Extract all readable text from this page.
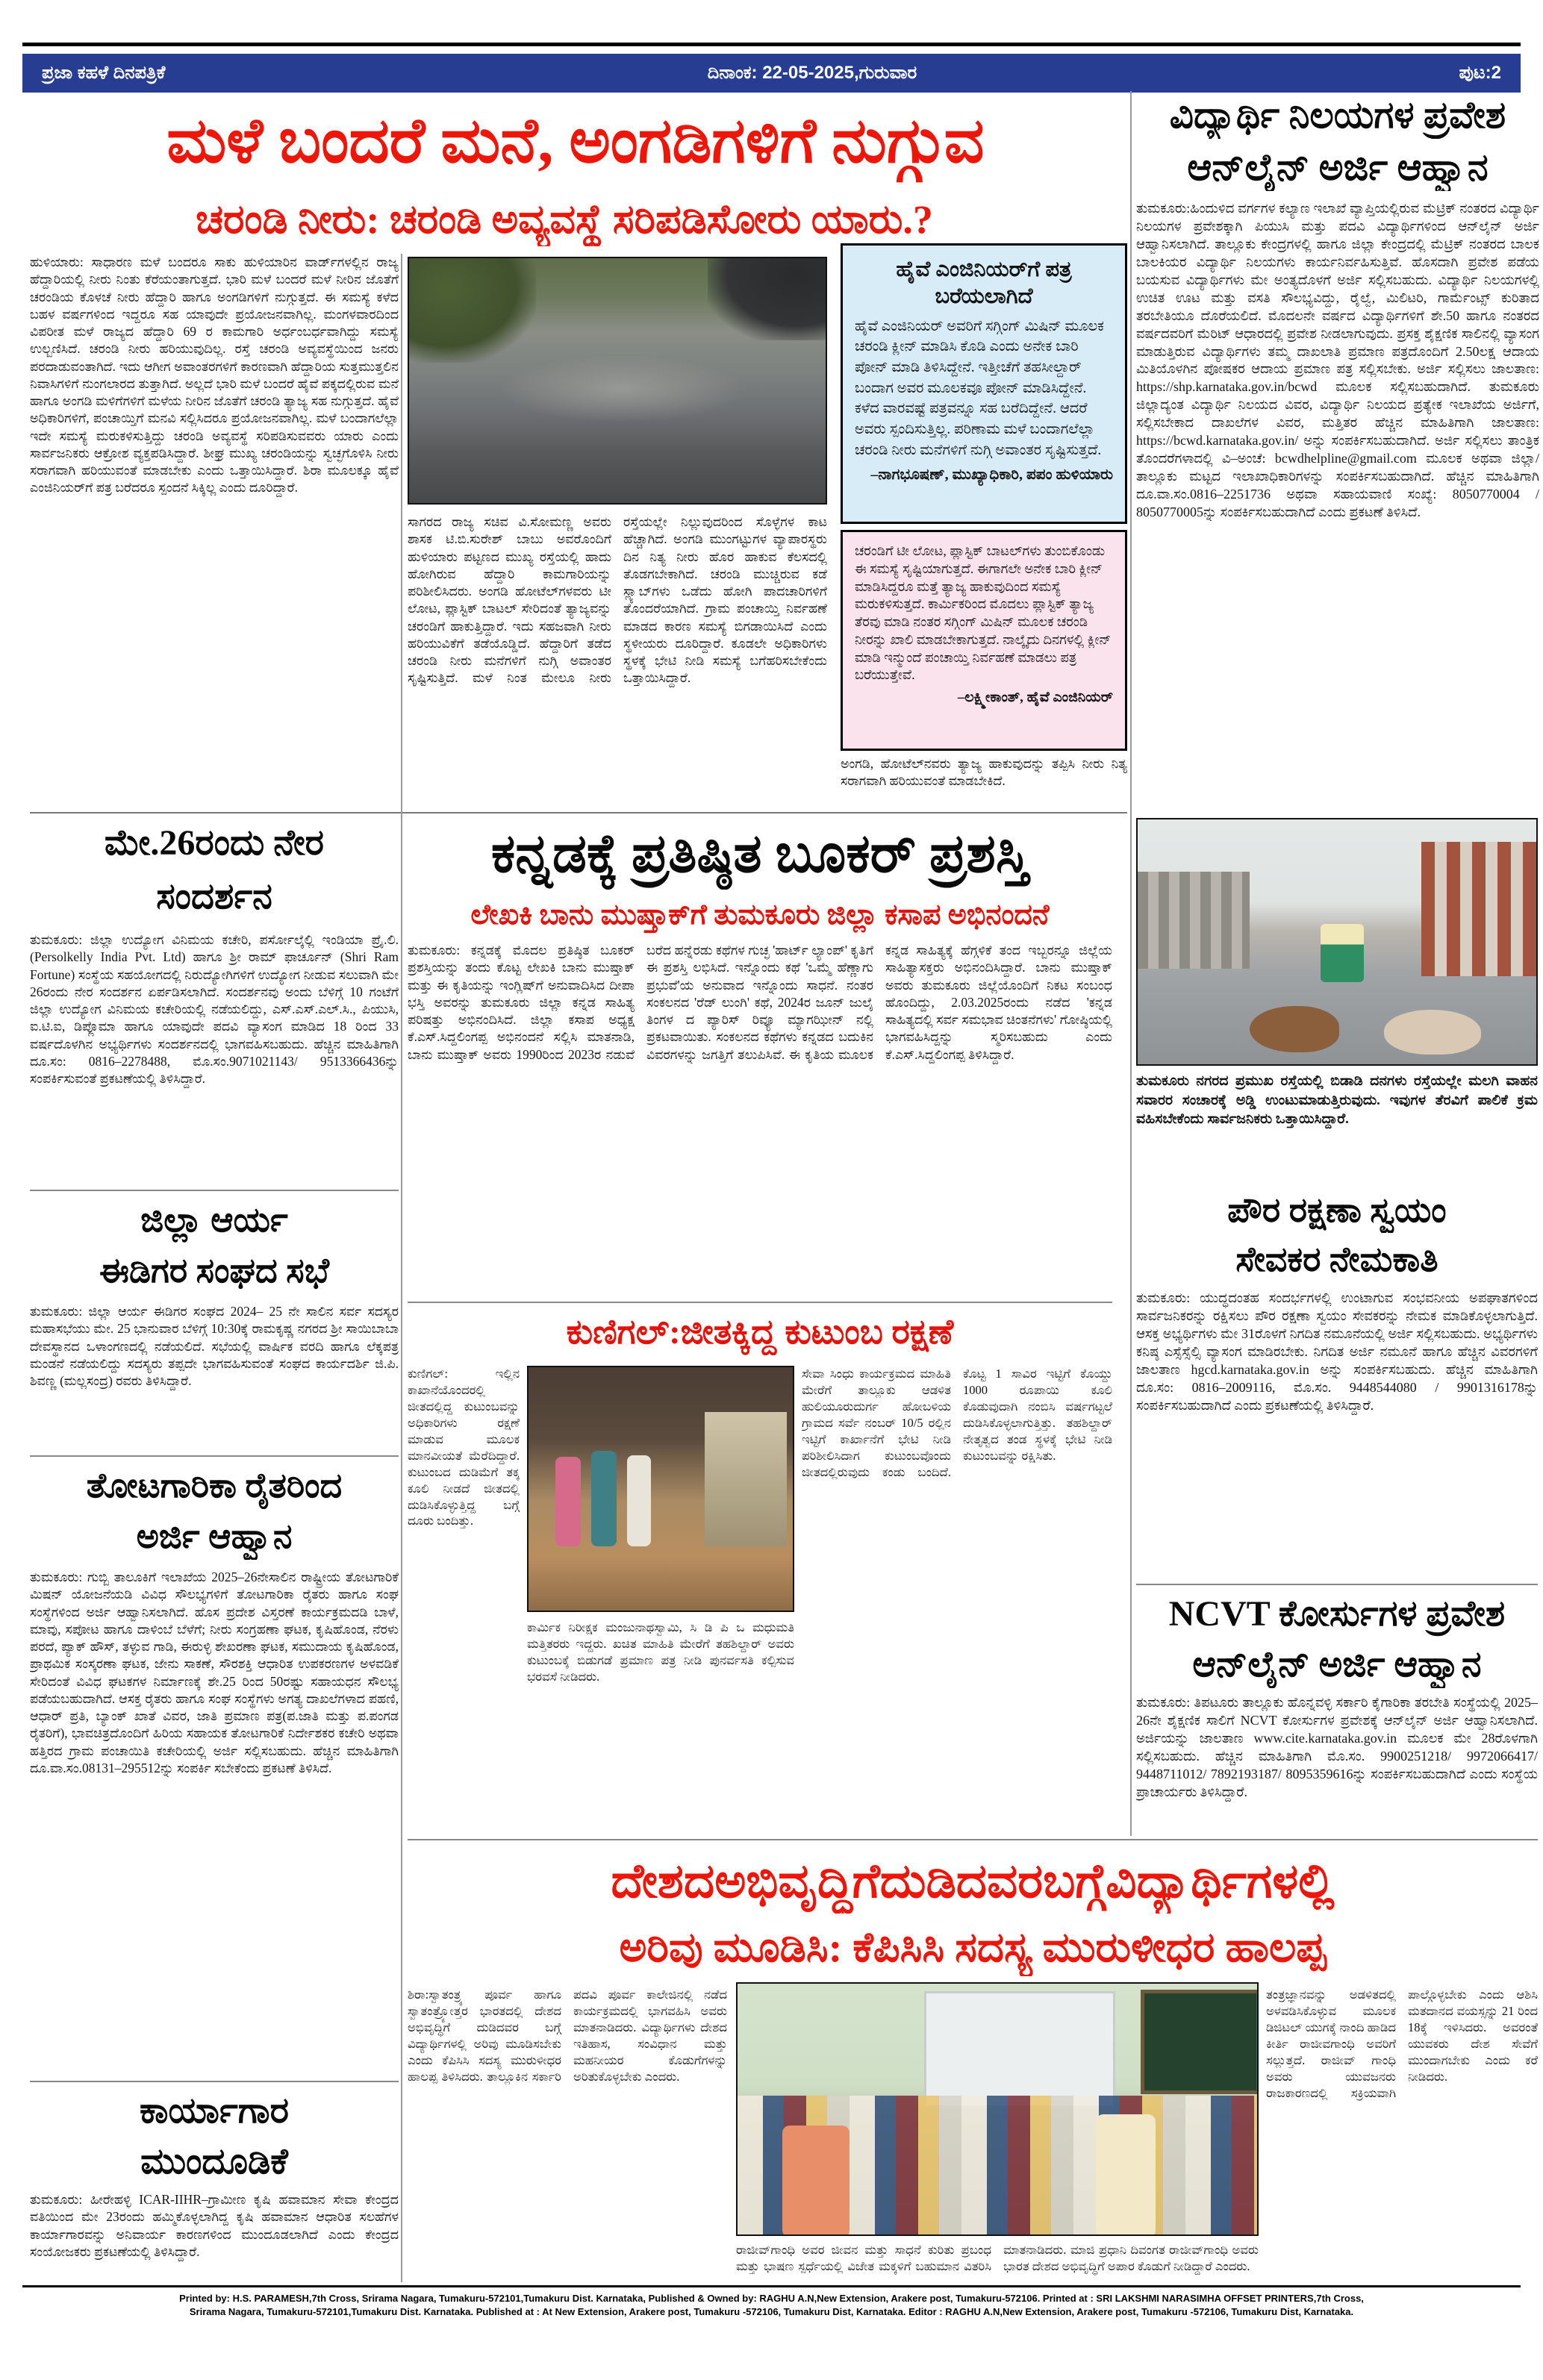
ಪ್ರಜಾ ಕಹಳೆ ದಿನಪತ್ರಿಕೆ	ದಿನಾಂಕ: 22-05-2025,ಗುರುವಾರ	ಪುಟ:2
ಮಳೆ ಬಂದರೆ ಮನೆ, ಅಂಗಡಿಗಳಿಗೆ ನುಗ್ಗುವ
ಚರಂಡಿ ನೀರು: ಚರಂಡಿ ಅವ್ಯವಸ್ಥೆ ಸರಿಪಡಿಸೋರು ಯಾರು.?
ಹುಳಿಯಾರು: ಸಾಧಾರಣ ಮಳೆ ಬಂದರೂ ಸಾಕು ಹುಳಿಯಾರಿನ ವಾರ್ಡ್‌ಗಳಲ್ಲಿನ ರಾಜ್ಯ ಹೆದ್ದಾರಿಯಲ್ಲಿ ನೀರು ನಿಂತು ಕೆರೆಯಂತಾಗುತ್ತದೆ. ಭಾರಿ ಮಳೆ ಬಂದರೆ ಮಳೆ ನೀರಿನ ಜೊತೆಗೆ ಚರಂಡಿಯ ಕೊಳಚೆ ನೀರು ಹೆದ್ದಾರಿ ಹಾಗೂ ಅಂಗಡಿಗಳಿಗೆ ನುಗ್ಗುತ್ತದೆ. ಈ ಸಮಸ್ಯೆ ಕಳೆದ ಬಹಳ ವರ್ಷಗಳಿಂದ ಇದ್ದರೂ ಸಹ ಯಾವುದೇ ಪ್ರಯೋಜನವಾಗಿಲ್ಲ. ಮಂಗಳವಾರದಿಂದ ವಿಪರೀತ ಮಳೆ ರಾಜ್ಯದ ಹೆದ್ದಾರಿ 69 ರ ಕಾಮಗಾರಿ ಅರ್ಧಂಬರ್ಧವಾಗಿದ್ದು ಸಮಸ್ಯೆ ಉಲ್ಬಣಿಸಿದೆ. ಚರಂಡಿ ನೀರು ಹರಿಯುವುದಿಲ್ಲ. ರಸ್ತೆ ಚರಂಡಿ ಅವ್ಯವಸ್ಥೆಯಿಂದ ಜನರು ಪರದಾಡುವಂತಾಗಿದೆ. ಇದು ಆಗೀಗ ಅವಾಂತರಗಳಿಗೆ ಕಾರಣವಾಗಿ ಹೆದ್ದಾರಿಯ ಸುತ್ತಮುತ್ತಲಿನ ನಿವಾಸಿಗಳಿಗೆ ನುಂಗಲಾರದ ತುತ್ತಾಗಿದೆ. ಅಲ್ಲದೆ ಭಾರಿ ಮಳೆ ಬಂದರೆ ಹೈವೆ ಪಕ್ಕದಲ್ಲಿರುವ ಮನೆ ಹಾಗೂ ಅಂಗಡಿ ಮಳಿಗೆಗಳಿಗೆ ಮಳೆಯ ನೀರಿನ ಜೊತೆಗೆ ಚರಂಡಿ ತ್ಯಾಜ್ಯ ಸಹ ನುಗ್ಗುತ್ತದೆ. ಹೈವೆ ಅಧಿಕಾರಿಗಳಿಗೆ, ಪಂಚಾಯ್ತಿಗೆ ಮನವಿ ಸಲ್ಲಿಸಿದರೂ ಪ್ರಯೋಜನವಾಗಿಲ್ಲ. ಮಳೆ ಬಂದಾಗಲೆಲ್ಲಾ ಇದೇ ಸಮಸ್ಯೆ ಮರುಕಳಿಸುತ್ತಿದ್ದು ಚರಂಡಿ ಅವ್ಯವಸ್ಥೆ ಸರಿಪಡಿಸುವವರು ಯಾರು ಎಂದು ಸಾರ್ವಜನಿಕರು ಆಕ್ರೋಶ ವ್ಯಕ್ತಪಡಿಸಿದ್ದಾರೆ. ಶೀಘ್ರ ಮುಖ್ಯ ಚರಂಡಿಯನ್ನು ಸ್ವಚ್ಛಗೊಳಿಸಿ ನೀರು ಸರಾಗವಾಗಿ ಹರಿಯುವಂತೆ ಮಾಡಬೇಕು ಎಂದು ಒತ್ತಾಯಿಸಿದ್ದಾರೆ. ಶಿರಾ ಮೂಲಕ್ಕೂ ಹೈವೆ ಎಂಜಿನಿಯರ್‌ಗೆ ಪತ್ರ ಬರೆದರೂ ಸ್ಪಂದನೆ ಸಿಕ್ಕಿಲ್ಲ ಎಂದು ದೂರಿದ್ದಾರೆ.
ಸಾಗರದ ರಾಜ್ಯ ಸಚಿವ ವಿ.ಸೋಮಣ್ಣ ಅವರು ಶಾಸಕ ಟಿ.ಬಿ.ಸುರೇಶ್ ಬಾಬು ಅವರೊಂದಿಗೆ ಹುಳಿಯಾರು ಪಟ್ಟಣದ ಮುಖ್ಯ ರಸ್ತೆಯಲ್ಲಿ ಹಾದು ಹೋಗಿರುವ ಹೆದ್ದಾರಿ ಕಾಮಗಾರಿಯನ್ನು ಪರಿಶೀಲಿಸಿದರು. ಅಂಗಡಿ ಹೋಟೆಲ್‌ಗಳವರು ಟೀ ಲೋಟ, ಪ್ಲಾಸ್ಟಿಕ್ ಬಾಟಲ್ ಸೇರಿದಂತೆ ತ್ಯಾಜ್ಯವನ್ನು ಚರಂಡಿಗೆ ಹಾಕುತ್ತಿದ್ದಾರೆ. ಇದು ಸಹಜವಾಗಿ ನೀರು ಹರಿಯುವಿಕೆಗೆ ತಡೆಯೊಡ್ಡಿದೆ. ಹೆದ್ದಾರಿಗೆ ತಡೆದ ಚರಂಡಿ ನೀರು ಮನೆಗಳಿಗೆ ನುಗ್ಗಿ ಅವಾಂತರ ಸೃಷ್ಟಿಸುತ್ತಿದೆ. ಮಳೆ ನಿಂತ ಮೇಲೂ ನೀರು ರಸ್ತೆಯಲ್ಲೇ ನಿಲ್ಲುವುದರಿಂದ ಸೊಳ್ಳೆಗಳ ಕಾಟ ಹೆಚ್ಚಾಗಿದೆ. ಅಂಗಡಿ ಮುಂಗಟ್ಟುಗಳ ವ್ಯಾಪಾರಸ್ಥರು ದಿನ ನಿತ್ಯ ನೀರು ಹೊರ ಹಾಕುವ ಕೆಲಸದಲ್ಲಿ ತೊಡಗಬೇಕಾಗಿದೆ. ಚರಂಡಿ ಮುಚ್ಚಿರುವ ಕಡೆ ಸ್ಲ್ಯಾಬ್‌ಗಳು ಒಡೆದು ಹೋಗಿ ಪಾದಚಾರಿಗಳಿಗೆ ತೊಂದರೆಯಾಗಿದೆ. ಗ್ರಾಮ ಪಂಚಾಯ್ತಿ ನಿರ್ವಹಣೆ ಮಾಡದ ಕಾರಣ ಸಮಸ್ಯೆ ಬಿಗಡಾಯಿಸಿದೆ ಎಂದು ಸ್ಥಳೀಯರು ದೂರಿದ್ದಾರೆ. ಕೂಡಲೇ ಅಧಿಕಾರಿಗಳು ಸ್ಥಳಕ್ಕೆ ಭೇಟಿ ನೀಡಿ ಸಮಸ್ಯೆ ಬಗೆಹರಿಸಬೇಕೆಂದು ಒತ್ತಾಯಿಸಿದ್ದಾರೆ.
ಹೈವೆ ಎಂಜಿನಿಯರ್‌ಗೆ ಪತ್ರ ಬರೆಯಲಾಗಿದೆ
ಹೈವೆ ಎಂಜಿನಿಯರ್ ಅವರಿಗೆ ಸಗ್ಗಿಂಗ್ ಮಿಷಿನ್ ಮೂಲಕ ಚರಂಡಿ ಕ್ಲೀನ್ ಮಾಡಿಸಿ ಕೊಡಿ ಎಂದು ಅನೇಕ ಬಾರಿ ಪೋನ್ ಮಾಡಿ ತಿಳಿಸಿದ್ದೇನೆ. ಇತ್ತೀಚೆಗೆ ತಹಸೀಲ್ದಾರ್ ಬಂದಾಗ ಅವರ ಮೂಲಕವೂ ಪೋನ್ ಮಾಡಿಸಿದ್ದೇನೆ. ಕಳೆದ ವಾರವಷ್ಟೆ ಪತ್ರವನ್ನೂ ಸಹ ಬರೆದಿದ್ದೇನೆ. ಆದರೆ ಅವರು ಸ್ಪಂದಿಸುತ್ತಿಲ್ಲ. ಪರಿಣಾಮ ಮಳೆ ಬಂದಾಗಲೆಲ್ಲಾ ಚರಂಡಿ ನೀರು ಮನೆಗಳಿಗೆ ನುಗ್ಗಿ ಅವಾಂತರ ಸೃಷ್ಟಿಸುತ್ತದೆ.
–ನಾಗಭೂಷಣ್, ಮುಖ್ಯಾಧಿಕಾರಿ, ಪಪಂ ಹುಳಿಯಾರು
ಚರಂಡಿಗೆ ಟೀ ಲೋಟ, ಪ್ಲಾಸ್ಟಿಕ್ ಬಾಟಲ್‌ಗಳು ತುಂಬಿಕೊಂಡು ಈ ಸಮಸ್ಯೆ ಸೃಷ್ಟಿಯಾಗುತ್ತದೆ. ಈಗಾಗಲೇ ಅನೇಕ ಬಾರಿ ಕ್ಲೀನ್ ಮಾಡಿಸಿದ್ದರೂ ಮತ್ತೆ ತ್ಯಾಜ್ಯ ಹಾಕುವುದಿಂದ ಸಮಸ್ಯೆ ಮರುಕಳಿಸುತ್ತದೆ. ಕಾರ್ಮಿಕರಿಂದ ಮೊದಲು ಪ್ಲಾಸ್ಟಿಕ್ ತ್ಯಾಜ್ಯ ತೆರವು ಮಾಡಿ ನಂತರ ಸಗ್ಗಿಂಗ್ ಮಿಷಿನ್ ಮೂಲಕ ಚರಂಡಿ ನೀರನ್ನು ಖಾಲಿ ಮಾಡಬೇಕಾಗುತ್ತದೆ. ನಾಲ್ಕೈದು ದಿನಗಳಲ್ಲಿ ಕ್ಲೀನ್ ಮಾಡಿ ಇನ್ಮುಂದೆ ಪಂಚಾಯ್ತಿ ನಿರ್ವಹಣೆ ಮಾಡಲು ಪತ್ರ ಬರೆಯುತ್ತೇವೆ.
–ಲಕ್ಷ್ಮೀಕಾಂತ್, ಹೈವೆ ಎಂಜಿನಿಯರ್
ಅಂಗಡಿ, ಹೋಟೆಲ್‌ನವರು ತ್ಯಾಜ್ಯ ಹಾಕುವುದನ್ನು ತಪ್ಪಿಸಿ ನೀರು ನಿತ್ಯ ಸರಾಗವಾಗಿ ಹರಿಯುವಂತೆ ಮಾಡಬೇಕಿದೆ.
ವಿದ್ಯಾರ್ಥಿ ನಿಲಯಗಳ ಪ್ರವೇಶ
ಆನ್‌ಲೈನ್ ಅರ್ಜಿ ಆಹ್ವಾನ
ತುಮಕೂರು:ಹಿಂದುಳಿದ ವರ್ಗಗಳ ಕಲ್ಯಾಣ ಇಲಾಖೆ ವ್ಯಾಪ್ತಿಯಲ್ಲಿರುವ ಮೆಟ್ರಿಕ್ ನಂತರದ ವಿದ್ಯಾರ್ಥಿ ನಿಲಯಗಳ ಪ್ರವೇಶಕ್ಕಾಗಿ ಪಿಯುಸಿ ಮತ್ತು ಪದವಿ ವಿದ್ಯಾರ್ಥಿಗಳಿಂದ ಆನ್‌ಲೈನ್ ಅರ್ಜಿ ಆಹ್ವಾನಿಸಲಾಗಿದೆ. ತಾಲ್ಲೂಕು ಕೇಂದ್ರಗಳಲ್ಲಿ ಹಾಗೂ ಜಿಲ್ಲಾ ಕೇಂದ್ರದಲ್ಲಿ ಮೆಟ್ರಿಕ್ ನಂತರದ ಬಾಲಕ ಬಾಲಕಿಯರ ವಿದ್ಯಾರ್ಥಿ ನಿಲಯಗಳು ಕಾರ್ಯನಿರ್ವಹಿಸುತ್ತಿವೆ. ಹೊಸದಾಗಿ ಪ್ರವೇಶ ಪಡೆಯ ಬಯಸುವ ವಿದ್ಯಾರ್ಥಿಗಳು ಮೇ ಅಂತ್ಯದೊಳಗೆ ಅರ್ಜಿ ಸಲ್ಲಿಸಬಹುದು. ವಿದ್ಯಾರ್ಥಿ ನಿಲಯಗಳಲ್ಲಿ ಉಚಿತ ಊಟ ಮತ್ತು ವಸತಿ ಸೌಲಭ್ಯವಿದ್ದು, ರೈಲ್ವೆ, ಮಿಲಿಟರಿ, ಗಾರ್ಮೆಂಟ್ಸ್ ಕುರಿತಾದ ತರಬೇತಿಯೂ ದೊರೆಯಲಿದೆ. ಮೊದಲನೇ ವರ್ಷದ ವಿದ್ಯಾರ್ಥಿಗಳಿಗೆ ಶೇ.50 ಹಾಗೂ ನಂತರದ ವರ್ಷದವರಿಗೆ ಮೆರಿಟ್ ಆಧಾರದಲ್ಲಿ ಪ್ರವೇಶ ನೀಡಲಾಗುವುದು. ಪ್ರಸಕ್ತ ಶೈಕ್ಷಣಿಕ ಸಾಲಿನಲ್ಲಿ ವ್ಯಾಸಂಗ ಮಾಡುತ್ತಿರುವ ವಿದ್ಯಾರ್ಥಿಗಳು ತಮ್ಮ ದಾಖಲಾತಿ ಪ್ರಮಾಣ ಪತ್ರದೊಂದಿಗೆ 2.50ಲಕ್ಷ ಆದಾಯ ಮಿತಿಯೊಳಗಿನ ಪೋಷಕರ ಆದಾಯ ಪ್ರಮಾಣ ಪತ್ರ ಸಲ್ಲಿಸಬೇಕು. ಅರ್ಜಿ ಸಲ್ಲಿಸಲು ಜಾಲತಾಣ: https://shp.karnataka.gov.in/bcwd ಮೂಲಕ ಸಲ್ಲಿಸಬಹುದಾಗಿದೆ. ತುಮಕೂರು ಜಿಲ್ಲಾದ್ಯಂತ ವಿದ್ಯಾರ್ಥಿ ನಿಲಯದ ವಿವರ, ವಿದ್ಯಾರ್ಥಿ ನಿಲಯದ ಪ್ರತ್ಯೇಕ ಇಲಾಖೆಯ ಅರ್ಜಿಗೆ, ಸಲ್ಲಿಸಬೇಕಾದ ದಾಖಲೆಗಳ ವಿವರ, ಮತ್ತಿತರ ಹೆಚ್ಚಿನ ಮಾಹಿತಿಗಾಗಿ ಜಾಲತಾಣ: https://bcwd.karnataka.gov.in/ ಅನ್ನು ಸಂಪರ್ಕಿಸಬಹುದಾಗಿದೆ. ಅರ್ಜಿ ಸಲ್ಲಿಸಲು ತಾಂತ್ರಿಕ ತೊಂದರೆಗಳಾದಲ್ಲಿ ವಿ–ಅಂಚೆ: bcwdhelpline@gmail.com ಮೂಲಕ ಅಥವಾ ಜಿಲ್ಲಾ/ ತಾಲ್ಲೂಕು ಮಟ್ಟದ ಇಲಾಖಾಧಿಕಾರಿಗಳನ್ನು ಸಂಪರ್ಕಿಸಬಹುದಾಗಿದೆ. ಹೆಚ್ಚಿನ ಮಾಹಿತಿಗಾಗಿ ದೂ.ವಾ.ಸಂ.0816–2251736 ಅಥವಾ ಸಹಾಯವಾಣಿ ಸಂಖ್ಯೆ: 8050770004 / 8050770005ನ್ನು ಸಂಪರ್ಕಿಸಬಹುದಾಗಿದೆ ಎಂದು ಪ್ರಕಟಣೆ ತಿಳಿಸಿದೆ.
ಮೇ.26ರಂದು ನೇರ
ಸಂದರ್ಶನ
ತುಮಕೂರು: ಜಿಲ್ಲಾ ಉದ್ಯೋಗ ವಿನಿಮಯ ಕಚೇರಿ, ಪರ್ಸೋಲ್ಕೆಲ್ಲಿ ಇಂಡಿಯಾ ಪ್ರೈ.ಲಿ.(Persolkelly India Pvt. Ltd) ಹಾಗೂ ಶ್ರೀ ರಾಮ್ ಫಾರ್ಚೂನ್ (Shri Ram Fortune) ಸಂಸ್ಥೆಯ ಸಹಯೋಗದಲ್ಲಿ ನಿರುದ್ಯೋಗಿಗಳಿಗೆ ಉದ್ಯೋಗ ನೀಡುವ ಸಲುವಾಗಿ ಮೇ 26ರಂದು ನೇರ ಸಂದರ್ಶನ ಏರ್ಪಡಿಸಲಾಗಿದೆ. ಸಂದರ್ಶನವು ಅಂದು ಬೆಳಿಗ್ಗೆ 10 ಗಂಟೆಗೆ ಜಿಲ್ಲಾ ಉದ್ಯೋಗ ವಿನಿಮಯ ಕಚೇರಿಯಲ್ಲಿ ನಡೆಯಲಿದ್ದು, ಎಸ್.ಎಸ್.ಎಲ್.ಸಿ., ಪಿಯುಸಿ, ಐ.ಟಿ.ಐ, ಡಿಪ್ಲೊಮಾ ಹಾಗೂ ಯಾವುದೇ ಪದವಿ ವ್ಯಾಸಂಗ ಮಾಡಿದ 18 ರಿಂದ 33 ವರ್ಷದೊಳಗಿನ ಅಭ್ಯರ್ಥಿಗಳು ಸಂದರ್ಶನದಲ್ಲಿ ಭಾಗವಹಿಸಬಹುದು. ಹೆಚ್ಚಿನ ಮಾಹಿತಿಗಾಗಿ ದೂ.ಸಂ: 0816–2278488, ಮೊ.ಸಂ.9071021143/ 9513366436ನ್ನು ಸಂಪರ್ಕಿಸುವಂತೆ ಪ್ರಕಟಣೆಯಲ್ಲಿ ತಿಳಿಸಿದ್ದಾರೆ.
ಜಿಲ್ಲಾ ಆರ್ಯ
ಈಡಿಗರ ಸಂಘದ ಸಭೆ
ತುಮಕೂರು: ಜಿಲ್ಲಾ ಆರ್ಯ ಈಡಿಗರ ಸಂಘದ 2024– 25 ನೇ ಸಾಲಿನ ಸರ್ವ ಸದಸ್ಯರ ಮಹಾಸಭೆಯು ಮೇ. 25 ಭಾನುವಾರ ಬೆಳಿಗ್ಗೆ 10:30ಕ್ಕೆ ರಾಮಕೃಷ್ಣ ನಗರದ ಶ್ರೀ ಸಾಯಿಬಾಬಾ ದೇವಸ್ಥಾನದ ಒಳಾಂಗಣದಲ್ಲಿ ನಡೆಯಲಿದೆ. ಸಭೆಯಲ್ಲಿ ವಾರ್ಷಿಕ ವರದಿ ಹಾಗೂ ಲೆಕ್ಕಪತ್ರ ಮಂಡನೆ ನಡೆಯಲಿದ್ದು ಸದಸ್ಯರು ತಪ್ಪದೇ ಭಾಗವಹಿಸುವಂತೆ ಸಂಘದ ಕಾರ್ಯದರ್ಶಿ ಜಿ.ಪಿ. ಶಿವಣ್ಣ (ಮಲ್ಲಸಂದ್ರ) ರವರು ತಿಳಿಸಿದ್ದಾರೆ.
ತೋಟಗಾರಿಕಾ ರೈತರಿಂದ
ಅರ್ಜಿ ಆಹ್ವಾನ
ತುಮಕೂರು: ಗುಬ್ಬಿ ತಾಲೂಕಿಗೆ ಇಲಾಖೆಯ 2025–26ನೇಸಾಲಿನ ರಾಷ್ಟ್ರೀಯ ತೋಟಗಾರಿಕೆ ಮಿಷನ್ ಯೋಜನೆಯಡಿ ವಿವಿಧ ಸೌಲಭ್ಯಗಳಿಗೆ ತೋಟಗಾರಿಕಾ ರೈತರು ಹಾಗೂ ಸಂಘ ಸಂಸ್ಥೆಗಳಿಂದ ಅರ್ಜಿ ಆಹ್ವಾನಿಸಲಾಗಿದೆ. ಹೊಸ ಪ್ರದೇಶ ವಿಸ್ತರಣೆ ಕಾರ್ಯಕ್ರಮದಡಿ ಬಾಳೆ, ಮಾವು, ಸಪೋಟ ಹಾಗೂ ದಾಳಿಂಬೆ ಬೆಳೆಗೆ; ನೀರು ಸಂಗ್ರಹಣಾ ಘಟಕ, ಕೃಷಿಹೊಂಡ, ನೆರಳು ಪರದೆ, ಪ್ಯಾಕ್ ಹೌಸ್, ತಳ್ಳುವ ಗಾಡಿ, ಈರುಳ್ಳಿ ಶೇಖರಣಾ ಘಟಕ, ಸಮುದಾಯ ಕೃಷಿಹೊಂಡ, ಪ್ರಾಥಮಿಕ ಸಂಸ್ಕರಣಾ ಘಟಕ, ಜೇನು ಸಾಕಣೆ, ಸೌರಶಕ್ತಿ ಆಧಾರಿತ ಉಪಕರಣಗಳ ಅಳವಡಿಕೆ ಸೇರಿದಂತೆ ವಿವಿಧ ಘಟಕಗಳ ನಿರ್ಮಾಣಕ್ಕೆ ಶೇ.25 ರಿಂದ 50ರಷ್ಟು ಸಹಾಯಧನ ಸೌಲಭ್ಯ ಪಡೆಯಬಹುದಾಗಿದೆ. ಆಸಕ್ತ ರೈತರು ಹಾಗೂ ಸಂಘ ಸಂಸ್ಥೆಗಳು ಅಗತ್ಯ ದಾಖಲೆಗಳಾದ ಪಹಣಿ, ಆಧಾರ್ ಪ್ರತಿ, ಬ್ಯಾಂಕ್ ಖಾತೆ ವಿವರ, ಜಾತಿ ಪ್ರಮಾಣ ಪತ್ರ(ಪ.ಜಾತಿ ಮತ್ತು ಪ.ಪಂಗಡ ರೈತರಿಗೆ), ಭಾವಚಿತ್ರದೊಂದಿಗೆ ಹಿರಿಯ ಸಹಾಯಕ ತೋಟಗಾರಿಕೆ ನಿರ್ದೇಶಕರ ಕಚೇರಿ ಅಥವಾ ಹತ್ತಿರದ ಗ್ರಾಮ ಪಂಚಾಯಿತಿ ಕಚೇರಿಯಲ್ಲಿ ಅರ್ಜಿ ಸಲ್ಲಿಸಬಹುದು. ಹೆಚ್ಚಿನ ಮಾಹಿತಿಗಾಗಿ ದೂ.ವಾ.ಸಂ.08131–295512ನ್ನು ಸಂಪರ್ಕಿ ಸಬೇಕೆಂದು ಪ್ರಕಟಣೆ ತಿಳಿಸಿದೆ.
ಕಾರ್ಯಾಗಾರ
ಮುಂದೂಡಿಕೆ
ತುಮಕೂರು: ಹೀರೇಹಳ್ಳಿ ICAR-IIHR–ಗ್ರಾಮೀಣ ಕೃಷಿ ಹವಾಮಾನ ಸೇವಾ ಕೇಂದ್ರದ ವತಿಯಿಂದ ಮೇ 23ರಂದು ಹಮ್ಮಿಕೊಳ್ಳಲಾಗಿದ್ದ ಕೃಷಿ ಹವಾಮಾನ ಆಧಾರಿತ ಸಲಹೆಗಳ ಕಾರ್ಯಾಗಾರವನ್ನು ಅನಿವಾರ್ಯ ಕಾರಣಗಳಿಂದ ಮುಂದೂಡಲಾಗಿದೆ ಎಂದು ಕೇಂದ್ರದ ಸಂಯೋಜಕರು ಪ್ರಕಟಣೆಯಲ್ಲಿ ತಿಳಿಸಿದ್ದಾರೆ.
ಕನ್ನಡಕ್ಕೆ ಪ್ರತಿಷ್ಠಿತ ಬೂಕರ್ ಪ್ರಶಸ್ತಿ
ಲೇಖಕಿ ಬಾನು ಮುಷ್ತಾಕ್‌ಗೆ ತುಮಕೂರು ಜಿಲ್ಲಾ ಕಸಾಪ ಅಭಿನಂದನೆ
ತುಮಕೂರು: ಕನ್ನಡಕ್ಕೆ ಮೊದಲ ಪ್ರತಿಷ್ಠಿತ ಬೂಕರ್ ಪ್ರಶಸ್ತಿಯನ್ನು ತಂದು ಕೊಟ್ಟ ಲೇಖಕಿ ಬಾನು ಮುಷ್ತಾಕ್ ಮತ್ತು ಈ ಕೃತಿಯನ್ನು ಇಂಗ್ಲಿಷ್‌ಗೆ ಅನುವಾದಿಸಿದ ದೀಪಾ ಭಸ್ತಿ ಅವರನ್ನು ತುಮಕೂರು ಜಿಲ್ಲಾ ಕನ್ನಡ ಸಾಹಿತ್ಯ ಪರಿಷತ್ತು ಅಭಿನಂದಿಸಿದೆ. ಜಿಲ್ಲಾ ಕಸಾಪ ಅಧ್ಯಕ್ಷ ಕೆ.ಎಸ್.ಸಿದ್ದಲಿಂಗಪ್ಪ ಅಭಿನಂದನೆ ಸಲ್ಲಿಸಿ ಮಾತನಾಡಿ, ಬಾನು ಮುಷ್ತಾಕ್ ಅವರು 1990ರಿಂದ 2023ರ ನಡುವೆ ಬರೆದ ಹನ್ನೆರಡು ಕಥೆಗಳ ಗುಚ್ಛ 'ಹಾರ್ಟ್ ಲ್ಯಾಂಪ್' ಕೃತಿಗೆ ಈ ಪ್ರಶಸ್ತಿ ಲಭಿಸಿದೆ. ಇನ್ನೊಂದು ಕಥೆ 'ಒಮ್ಮೆ ಹೆಣ್ಣಾಗು ಪ್ರಭುವೆ'ಯ ಅನುವಾದ ಇನ್ನೊಂದು ಸಾಧನೆ. ನಂತರ ಸಂಕಲನದ 'ರೆಡ್ ಲುಂಗಿ' ಕಥೆ, 2024ರ ಜೂನ್ ಜುಲೈ ತಿಂಗಳ ದ ಪ್ಯಾರಿಸ್ ರಿವ್ಯೂ ಮ್ಯಾಗಝೀನ್ ನಲ್ಲಿ ಪ್ರಕಟವಾಯಿತು. ಸಂಕಲನದ ಕಥೆಗಳು ಕನ್ನಡದ ಬದುಕಿನ ವಿವರಗಳನ್ನು ಜಗತ್ತಿಗೆ ತಲುಪಿಸಿವೆ. ಈ ಕೃತಿಯ ಮೂಲಕ ಕನ್ನಡ ಸಾಹಿತ್ಯಕ್ಕೆ ಹೆಗ್ಗಳಿಕೆ ತಂದ ಇಬ್ಬರನ್ನೂ ಜಿಲ್ಲೆಯ ಸಾಹಿತ್ಯಾಸಕ್ತರು ಅಭಿನಂದಿಸಿದ್ದಾರೆ. ಬಾನು ಮುಷ್ತಾಕ್ ಅವರು ತುಮಕೂರು ಜಿಲ್ಲೆಯೊಂದಿಗೆ ನಿಕಟ ಸಂಬಂಧ ಹೊಂದಿದ್ದು, 2.03.2025ರಂದು ನಡೆದ 'ಕನ್ನಡ ಸಾಹಿತ್ಯದಲ್ಲಿ ಸರ್ವ ಸಮಭಾವ ಚಿಂತನೆಗಳು' ಗೋಷ್ಠಿಯಲ್ಲಿ ಭಾಗವಹಿಸಿದ್ದನ್ನು ಸ್ಮರಿಸಬಹುದು ಎಂದು ಕೆ.ಎಸ್.ಸಿದ್ದಲಿಂಗಪ್ಪ ತಿಳಿಸಿದ್ದಾರೆ.
ಕುಣಿಗಲ್:ಜೀತಕ್ಕಿದ್ದ ಕುಟುಂಬ ರಕ್ಷಣೆ
ಕುಣಿಗಲ್: ಇಲ್ಲಿನ ಕಾಖಾನೆಯೊಂದರಲ್ಲಿ ಜೀತದಲ್ಲಿದ್ದ ಕುಟುಂಬವನ್ನು ಅಧಿಕಾರಿಗಳು ರಕ್ಷಣೆ ಮಾಡುವ ಮೂಲಕ ಮಾನವೀಯತೆ ಮೆರೆದಿದ್ದಾರೆ. ಕುಟುಂಬದ ದುಡಿಮೆಗೆ ತಕ್ಕ ಕೂಲಿ ನೀಡದೆ ಜೀತದಲ್ಲಿ ದುಡಿಸಿಕೊಳ್ಳುತ್ತಿದ್ದ ಬಗ್ಗೆ ದೂರು ಬಂದಿತ್ತು.
ಸೇವಾ ಸಿಂಧು ಕಾರ್ಯಕ್ರಮದ ಮಾಹಿತಿ ಮೇರೆಗೆ ತಾಲ್ಲೂಕು ಆಡಳಿತ ಹುಲಿಯೂರುದುರ್ಗ ಹೋಬಳಿಯ ಗ್ರಾಮದ ಸರ್ವೆ ನಂಬರ್ 10/5 ರಲ್ಲಿನ ಇಟ್ಟಿಗೆ ಕಾರ್ಖಾನೆಗೆ ಭೇಟಿ ನೀಡಿ ಪರಿಶೀಲಿಸಿದಾಗ ಕುಟುಂಬವೊಂದು ಜೀತದಲ್ಲಿರುವುದು ಕಂಡು ಬಂದಿದೆ. ಕೊಟ್ಟ 1 ಸಾವಿರ ಇಟ್ಟಿಗೆ ಕೊಯ್ದು 1000 ರೂಪಾಯಿ ಕೂಲಿ ಕೊಡುವುದಾಗಿ ನಂಬಿಸಿ ವರ್ಷಗಟ್ಟಲೆ ದುಡಿಸಿಕೊಳ್ಳಲಾಗುತ್ತಿತ್ತು. ತಹಶಿಲ್ದಾರ್ ನೇತೃತ್ವದ ತಂಡ ಸ್ಥಳಕ್ಕೆ ಭೇಟಿ ನೀಡಿ ಕುಟುಂಬವನ್ನು ರಕ್ಷಿಸಿತು.
ಕಾರ್ಮಿಕ ನಿರೀಕ್ಷಕ ಮಂಜುನಾಥಸ್ವಾಮಿ, ಸಿ ಡಿ ಪಿ ಒ ಮಧುಮತಿ ಮತ್ತಿತರರು ಇದ್ದರು. ಖಚಿತ ಮಾಹಿತಿ ಮೇರೆಗೆ ತಹಶಿಲ್ದಾರ್ ಅವರು ಕುಟುಂಬಕ್ಕೆ ಬಿಡುಗಡೆ ಪ್ರಮಾಣ ಪತ್ರ ನೀಡಿ ಪುನರ್ವಸತಿ ಕಲ್ಪಿಸುವ ಭರವಸೆ ನೀಡಿದರು.
ತುಮಕೂರು ನಗರದ ಪ್ರಮುಖ ರಸ್ತೆಯಲ್ಲಿ ಬಿಡಾಡಿ ದನಗಳು ರಸ್ತೆಯಲ್ಲೇ ಮಲಗಿ ವಾಹನ ಸವಾರರ ಸಂಚಾರಕ್ಕೆ ಅಡ್ಡಿ ಉಂಟುಮಾಡುತ್ತಿರುವುದು. ಇವುಗಳ ತೆರವಿಗೆ ಪಾಲಿಕೆ ಕ್ರಮ ವಹಿಸಬೇಕೆಂದು ಸಾರ್ವಜನಿಕರು ಒತ್ತಾಯಿಸಿದ್ದಾರೆ.
ಪೌರ ರಕ್ಷಣಾ ಸ್ವಯಂ
ಸೇವಕರ ನೇಮಕಾತಿ
ತುಮಕೂರು: ಯುದ್ಧದಂತಹ ಸಂದರ್ಭಗಳಲ್ಲಿ ಉಂಟಾಗುವ ಸಂಭವನೀಯ ಅಪಘಾತಗಳಿಂದ ಸಾರ್ವಜನಿಕರನ್ನು ರಕ್ಷಿಸಲು ಪೌರ ರಕ್ಷಣಾ ಸ್ವಯಂ ಸೇವಕರನ್ನು ನೇಮಕ ಮಾಡಿಕೊಳ್ಳಲಾಗುತ್ತಿದೆ. ಆಸಕ್ತ ಅಭ್ಯರ್ಥಿಗಳು ಮೇ 31ರೊಳಗೆ ನಿಗದಿತ ನಮೂನೆಯಲ್ಲಿ ಅರ್ಜಿ ಸಲ್ಲಿಸಬಹುದು. ಅಭ್ಯರ್ಥಿಗಳು ಕನಿಷ್ಠ ಎಸ್ಸೆಸ್ಸೆಲ್ಸಿ ವ್ಯಾಸಂಗ ಮಾಡಿರಬೇಕು. ನಿಗದಿತ ಅರ್ಜಿ ನಮೂನೆ ಹಾಗೂ ಹೆಚ್ಚಿನ ವಿವರಗಳಿಗೆ ಜಾಲತಾಣ hgcd.karnataka.gov.in ಅನ್ನು ಸಂಪರ್ಕಿಸಬಹುದು. ಹೆಚ್ಚಿನ ಮಾಹಿತಿಗಾಗಿ ದೂ.ಸಂ: 0816–2009116, ಮೊ.ಸಂ. 9448544080 / 9901316178ನ್ನು ಸಂಪರ್ಕಿಸಬಹುದಾಗಿದೆ ಎಂದು ಪ್ರಕಟಣೆಯಲ್ಲಿ ತಿಳಿಸಿದ್ದಾರೆ.
NCVT ಕೋರ್ಸುಗಳ ಪ್ರವೇಶ
ಆನ್‌ಲೈನ್ ಅರ್ಜಿ ಆಹ್ವಾನ
ತುಮಕೂರು: ತಿಪಟೂರು ತಾಲ್ಲೂಕು ಹೊನ್ನವಳ್ಳಿ ಸರ್ಕಾರಿ ಕೈಗಾರಿಕಾ ತರಬೇತಿ ಸಂಸ್ಥೆಯಲ್ಲಿ 2025–26ನೇ ಶೈಕ್ಷಣಿಕ ಸಾಲಿಗೆ NCVT ಕೋರ್ಸುಗಳ ಪ್ರವೇಶಕ್ಕೆ ಆನ್‌ಲೈನ್ ಅರ್ಜಿ ಆಹ್ವಾನಿಸಲಾಗಿದೆ. ಅರ್ಜಿಯನ್ನು ಜಾಲತಾಣ www.cite.karnataka.gov.in ಮೂಲಕ ಮೇ 28ರೊಳಗಾಗಿ ಸಲ್ಲಿಸಬಹುದು. ಹೆಚ್ಚಿನ ಮಾಹಿತಿಗಾಗಿ ಮೊ.ಸಂ. 9900251218/ 9972066417/ 9448711012/ 7892193187/ 8095359616ನ್ನು ಸಂಪರ್ಕಿಸಬಹುದಾಗಿದೆ ಎಂದು ಸಂಸ್ಥೆಯ ಪ್ರಾಚಾರ್ಯರು ತಿಳಿಸಿದ್ದಾರೆ.
ದೇಶದಅಭಿವೃದ್ಧಿಗೆದುಡಿದವರಬಗ್ಗೆವಿದ್ಯಾರ್ಥಿಗಳಲ್ಲಿ
ಅರಿವು ಮೂಡಿಸಿ: ಕೆಪಿಸಿಸಿ ಸದಸ್ಯ ಮುರುಳೀಧರ ಹಾಲಪ್ಪ
ಶಿರಾ:ಸ್ವಾತಂತ್ರ್ಯ ಪೂರ್ವ ಹಾಗೂ ಸ್ವಾತಂತ್ರ್ಯೋತ್ತರ ಭಾರತದಲ್ಲಿ ದೇಶದ ಅಭಿವೃದ್ಧಿಗೆ ದುಡಿದವರ ಬಗ್ಗೆ ವಿದ್ಯಾರ್ಥಿಗಳಲ್ಲಿ ಅರಿವು ಮೂಡಿಸಬೇಕು ಎಂದು ಕೆಪಿಸಿಸಿ ಸದಸ್ಯ ಮುರುಳೀಧರ ಹಾಲಪ್ಪ ತಿಳಿಸಿದರು. ತಾಲ್ಲೂಕಿನ ಸರ್ಕಾರಿ ಪದವಿ ಪೂರ್ವ ಕಾಲೇಜಿನಲ್ಲಿ ನಡೆದ ಕಾರ್ಯಕ್ರಮದಲ್ಲಿ ಭಾಗವಹಿಸಿ ಅವರು ಮಾತನಾಡಿದರು. ವಿದ್ಯಾರ್ಥಿಗಳು ದೇಶದ ಇತಿಹಾಸ, ಸಂವಿಧಾನ ಮತ್ತು ಮಹನೀಯರ ಕೊಡುಗೆಗಳನ್ನು ಅರಿತುಕೊಳ್ಳಬೇಕು ಎಂದರು.
ರಾಜೀವ್‌ಗಾಂಧಿ ಅವರ ಜೀವನ ಮತ್ತು ಸಾಧನೆ ಕುರಿತು ಪ್ರಬಂಧ ಮತ್ತು ಭಾಷಣ ಸ್ಪರ್ಧೆಯಲ್ಲಿ ವಿಜೇತ ಮಕ್ಕಳಿಗೆ ಬಹುಮಾನ ವಿತರಿಸಿ ಮಾತನಾಡಿದರು. ಮಾಜಿ ಪ್ರಧಾನಿ ದಿವಂಗತ ರಾಜೀವ್‌ಗಾಂಧಿ ಅವರು ಭಾರತ ದೇಶದ ಅಭಿವೃದ್ಧಿಗೆ ಅಪಾರ ಕೊಡುಗೆ ನೀಡಿದ್ದಾರೆ ಎಂದರು.
ತಂತ್ರಜ್ಞಾನವನ್ನು ಅಡಳಿತದಲ್ಲಿ ಅಳವಡಿಸಿಕೊಳ್ಳುವ ಮೂಲಕ ಡಿಜಿಟಲ್ ಯುಗಕ್ಕೆ ನಾಂದಿ ಹಾಡಿದ ಕೀರ್ತಿ ರಾಜೀವಗಾಂಧಿ ಅವರಿಗೆ ಸಲ್ಲುತ್ತದೆ. ರಾಜೀವ್ ಗಾಂಧಿ ಅವರು ಯುವಜನರು ರಾಜಕಾರಣದಲ್ಲಿ ಸಕ್ರಿಯವಾಗಿ ಪಾಲ್ಗೊಳ್ಳಬೇಕು ಎಂದು ಆಶಿಸಿ ಮತದಾನದ ವಯಸ್ಸನ್ನು 21 ರಿಂದ 18ಕ್ಕೆ ಇಳಿಸಿದರು. ಅವರಂತೆ ಯುವಕರು ದೇಶ ಸೇವೆಗೆ ಮುಂದಾಗಬೇಕು ಎಂದು ಕರೆ ನೀಡಿದರು.
Printed by: H.S. PARAMESH,7th Cross, Srirama Nagara, Tumakuru-572101,Tumakuru Dist. Karnataka, Published & Owned by: RAGHU A.N,New Extension, Arakere post, Tumakuru-572106. Printed at : SRI LAKSHMI NARASIMHA OFFSET PRINTERS,7th Cross,
Srirama Nagara, Tumakuru-572101,Tumakuru Dist. Karnataka. Published at : At New Extension, Arakere post, Tumakuru -572106, Tumakuru Dist, Karnataka. Editor : RAGHU A.N,New Extension, Arakere post, Tumakuru -572106, Tumakuru Dist, Karnataka.
